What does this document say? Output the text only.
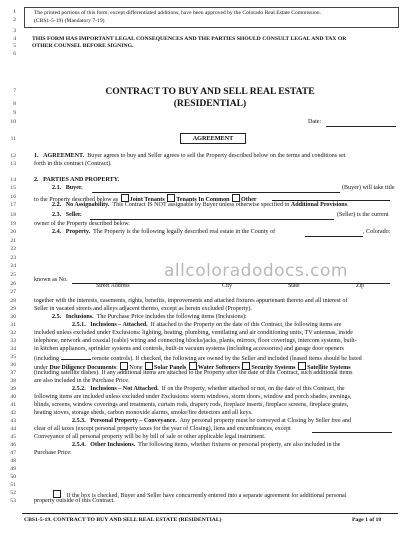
The printed portions of this form, except differentiated additions, have been approved by the Colorado Real Estate Commission.
(CBS1-5-19) (Mandatory 7-19)
1
2
3
4
5
6
7
8
9
10
11
12
13
14
15
16
17
18
19
20
21
22
23
24
25
26
27
28
29
30
31
32
33
34
35
36
37
38
39
40
41
42
43
44
45
46
47
48
49
50
51
52
53
THIS FORM HAS IMPORTANT LEGAL CONSEQUENCES AND THE PARTIES SHOULD CONSULT LEGAL AND TAX OR
OTHER COUNSEL BEFORE SIGNING.
CONTRACT TO BUY AND SELL REAL ESTATE
(RESIDENTIAL)
Date:
AGREEMENT
1. AGREEMENT. Buyer agrees to buy and Seller agrees to sell the Property described below on the terms and conditions set
forth in this contract (Contract).
2. PARTIES AND PROPERTY.
2.1. Buyer.	(Buyer) will take title
to the Property described below as Joint Tenants Tenants In Common Other
2.2. No Assignability. This Contract IS NOT assignable by Buyer unless otherwise specified in Additional Provisions.
2.3. Seller.	(Seller) is the current
owner of the Property described below.
2.4. Property. The Property is the following legally described real estate in the County of	, Colorado:
allcoloradodocs.com
known as No.
Street Address	City	State	Zip
together with the interests, easements, rights, benefits, improvements and attached fixtures appurtenant thereto and all interest of
Seller in vacated streets and alleys adjacent thereto, except as herein excluded (Property).
2.5. Inclusions. The Purchase Price includes the following items (Inclusions):
2.5.1. Inclusions – Attached. If attached to the Property on the date of this Contract, the following items are
included unless excluded under Exclusions: lighting, heating, plumbing, ventilating and air conditioning units, TV antennas, inside
telephone, network and coaxial (cable) wiring and connecting blocks/jacks, plants, mirrors, floor coverings, intercom systems, built-
in kitchen appliances, sprinkler systems and controls, built-in vacuum systems (including accessories) and garage door openers
(including	remote controls). If checked, the following are owned by the Seller and included (leased items should be listed
under Due Diligence Documents: None Solar Panels Water Softeners Security Systems Satellite Systems
(including satellite dishes). If any additional items are attached to the Property after the date of this Contract, such additional items
are also included in the Purchase Price.
2.5.2. Inclusions – Not Attached. If on the Property, whether attached or not, on the date of this Contract, the
following items are included unless excluded under Exclusions: storm windows, storm doors, window and porch shades, awnings,
blinds, screens, window coverings and treatments, curtain rods, drapery rods, fireplace inserts, fireplace screens, fireplace grates,
heating stoves, storage sheds, carbon monoxide alarms, smoke/fire detectors and all keys.
2.5.3. Personal Property – Conveyance. Any personal property must be conveyed at Closing by Seller free and
clear of all taxes (except personal property taxes for the year of Closing), liens and encumbrances, except
Conveyance of all personal property will be by bill of sale or other applicable legal instrument.
2.5.4. Other Inclusions. The following items, whether fixtures or personal property, are also included in the
Purchase Price:
If the box is checked, Buyer and Seller have concurrently entered into a separate agreement for additional personal
property outside of this Contract.
CBS1-5-19. CONTRACT TO BUY AND SELL REAL ESTATE (RESIDENTIAL)	Page 1 of 18
